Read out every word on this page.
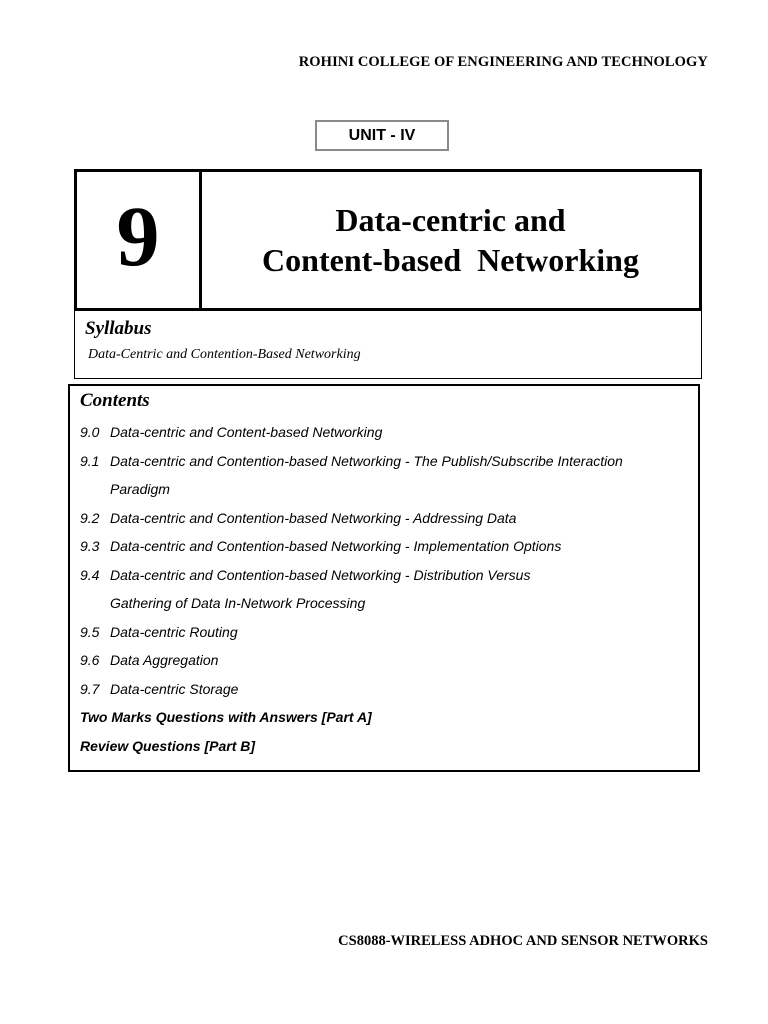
ROHINI COLLEGE OF ENGINEERING AND TECHNOLOGY
UNIT - IV
9	Data-centric and
Content-based  Networking
Syllabus
Data-Centric and Contention-Based Networking
Contents
9.0 Data-centric and Content-based Networking
9.1 Data-centric and Contention-based Networking - The Publish/Subscribe Interaction
Paradigm
9.2 Data-centric and Contention-based Networking - Addressing Data
9.3 Data-centric and Contention-based Networking - Implementation Options
9.4 Data-centric and Contention-based Networking - Distribution Versus
Gathering of Data In-Network Processing
9.5 Data-centric Routing
9.6 Data Aggregation
9.7 Data-centric Storage
Two Marks Questions with Answers [Part A]
Review Questions [Part B]
CS8088-WIRELESS ADHOC AND SENSOR NETWORKS
